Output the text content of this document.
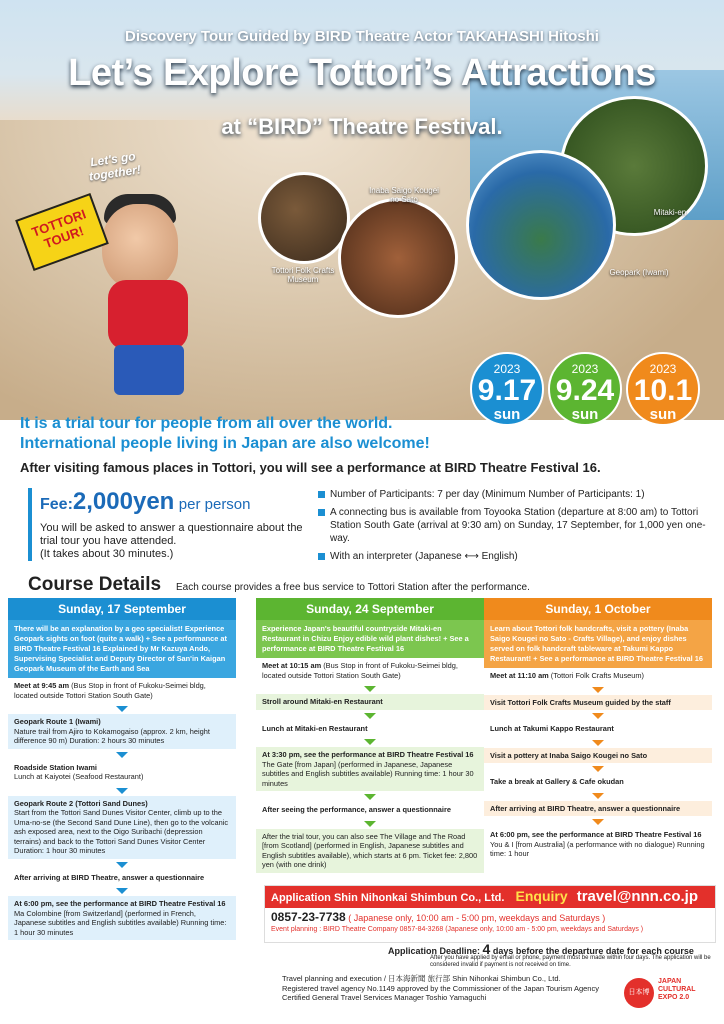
Discovery Tour Guided by BIRD Theatre Actor TAKAHASHI Hitoshi
Let’s Explore Tottori’s Attractions
at “BIRD” Theatre Festival.
Tottori Folk Crafts Museum
Inaba Saigo Kougei no Sato
Geopark (Iwami)
Mitaki-en
TOTTORI TOUR!
Let's go together!
2023
9.17
sun
2023
9.24
sun
2023
10.1
sun
It is a trial tour for people from all over the world.
International people living in Japan are also welcome!
After visiting famous places in Tottori, you will see a performance at BIRD Theatre Festival 16.
Fee:2,000yen per person

You will be asked to answer a questionnaire about the trial tour you have attended.

(It takes about 30 minutes.)

Number of Participants: 7 per day (Minimum Number of Participants: 1)
A connecting bus is available from Toyooka Station (departure at 8:00 am) to Tottori Station South Gate (arrival at 9:30 am) on Sunday, 17 September, for 1,000 yen one-way.
With an interpreter (Japanese ⟷ English)
Course Details Each course provides a free bus service to Tottori Station after the performance.
Sunday, 17 September
There will be an explanation by a geo specialist! Experience Geopark sights on foot (quite a walk) + See a performance at BIRD Theatre Festival 16 Explained by Mr Kazuya Ando, Supervising Specialist and Deputy Director of San'in Kaigan Geopark Museum of the Earth and Sea
Meet at 9:45 am (Bus Stop in front of Fukoku-Seimei bldg, located outside Tottori Station South Gate)
Geopark Route 1 (Iwami)
Nature trail from Ajiro to Kokamogaiso (approx. 2 km, height difference 90 m) Duration: 2 hours 30 minutes
Roadside Station Iwami
Lunch at Kaiyotei (Seafood Restaurant)
Geopark Route 2 (Tottori Sand Dunes)
Start from the Tottori Sand Dunes Visitor Center, climb up to the Uma-no-se (the Second Sand Dune Line), then go to the volcanic ash exposed area, next to the Oigo Suribachi (depression terrains) and back to the Tottori Sand Dunes Visitor Center Duration: 1 hour 30 minutes
After arriving at BIRD Theatre, answer a questionnaire
At 6:00 pm, see the performance at BIRD Theatre Festival 16
Ma Colombine [from Switzerland] (performed in French, Japanese subtitles and English subtitles available) Running time: 1 hour 30 minutes
Sunday, 24 September
Experience Japan's beautiful countryside Mitaki-en Restaurant in Chizu Enjoy edible wild plant dishes! + See a performance at BIRD Theatre Festival 16
Meet at 10:15 am (Bus Stop in front of Fukoku-Seimei bldg, located outside Tottori Station South Gate)
Stroll around Mitaki-en Restaurant
Lunch at Mitaki-en Restaurant
At 3:30 pm, see the performance at BIRD Theatre Festival 16
The Gate [from Japan] (performed in Japanese, Japanese subtitles and English subtitles available) Running time: 1 hour 30 minutes
After seeing the performance, answer a questionnaire
After the trial tour, you can also see The Village and The Road [from Scotland] (performed in English, Japanese subtitles and English subtitles available), which starts at 6 pm. Ticket fee: 2,800 yen (with one drink)
Sunday, 1 October
Learn about Tottori folk handcrafts, visit a pottery (Inaba Saigo Kougei no Sato - Crafts Village), and enjoy dishes served on folk handcraft tableware at Takumi Kappo Restaurant! + See a performance at BIRD Theatre Festival 16
Meet at 11:10 am (Tottori Folk Crafts Museum)
Visit Tottori Folk Crafts Museum guided by the staff
Lunch at Takumi Kappo Restaurant
Visit a pottery at Inaba Saigo Kougei no Sato
Take a break at Gallery & Cafe okudan
After arriving at BIRD Theatre, answer a questionnaire
At 6:00 pm, see the performance at BIRD Theatre Festival 16
You & I [from Australia] (a performance with no dialogue) Running time: 1 hour
Application Shin Nihonkai Shimbun Co., Ltd. Enquiry travel@nnn.co.jp
0857-23-7738 ( Japanese only, 10:00 am - 5:00 pm, weekdays and Saturdays )
Event planning : BIRD Theatre Company 0857-84-3268 (Japanese only, 10:00 am - 5:00 pm, weekdays and Saturdays )
Application Deadline: 4 days before the departure date for each course
After you have applied by email or phone, payment must be made within four days. The application will be considered invalid if payment is not received on time.
Travel planning and execution / 日本海新聞 旅行部 Shin Nihonkai Shimbun Co., Ltd.
Registered travel agency No.1149 approved by the Commissioner of the Japan Tourism Agency
Certified General Travel Services Manager Toshio Yamaguchi
日本博
JAPAN CULTURAL EXPO 2.0
